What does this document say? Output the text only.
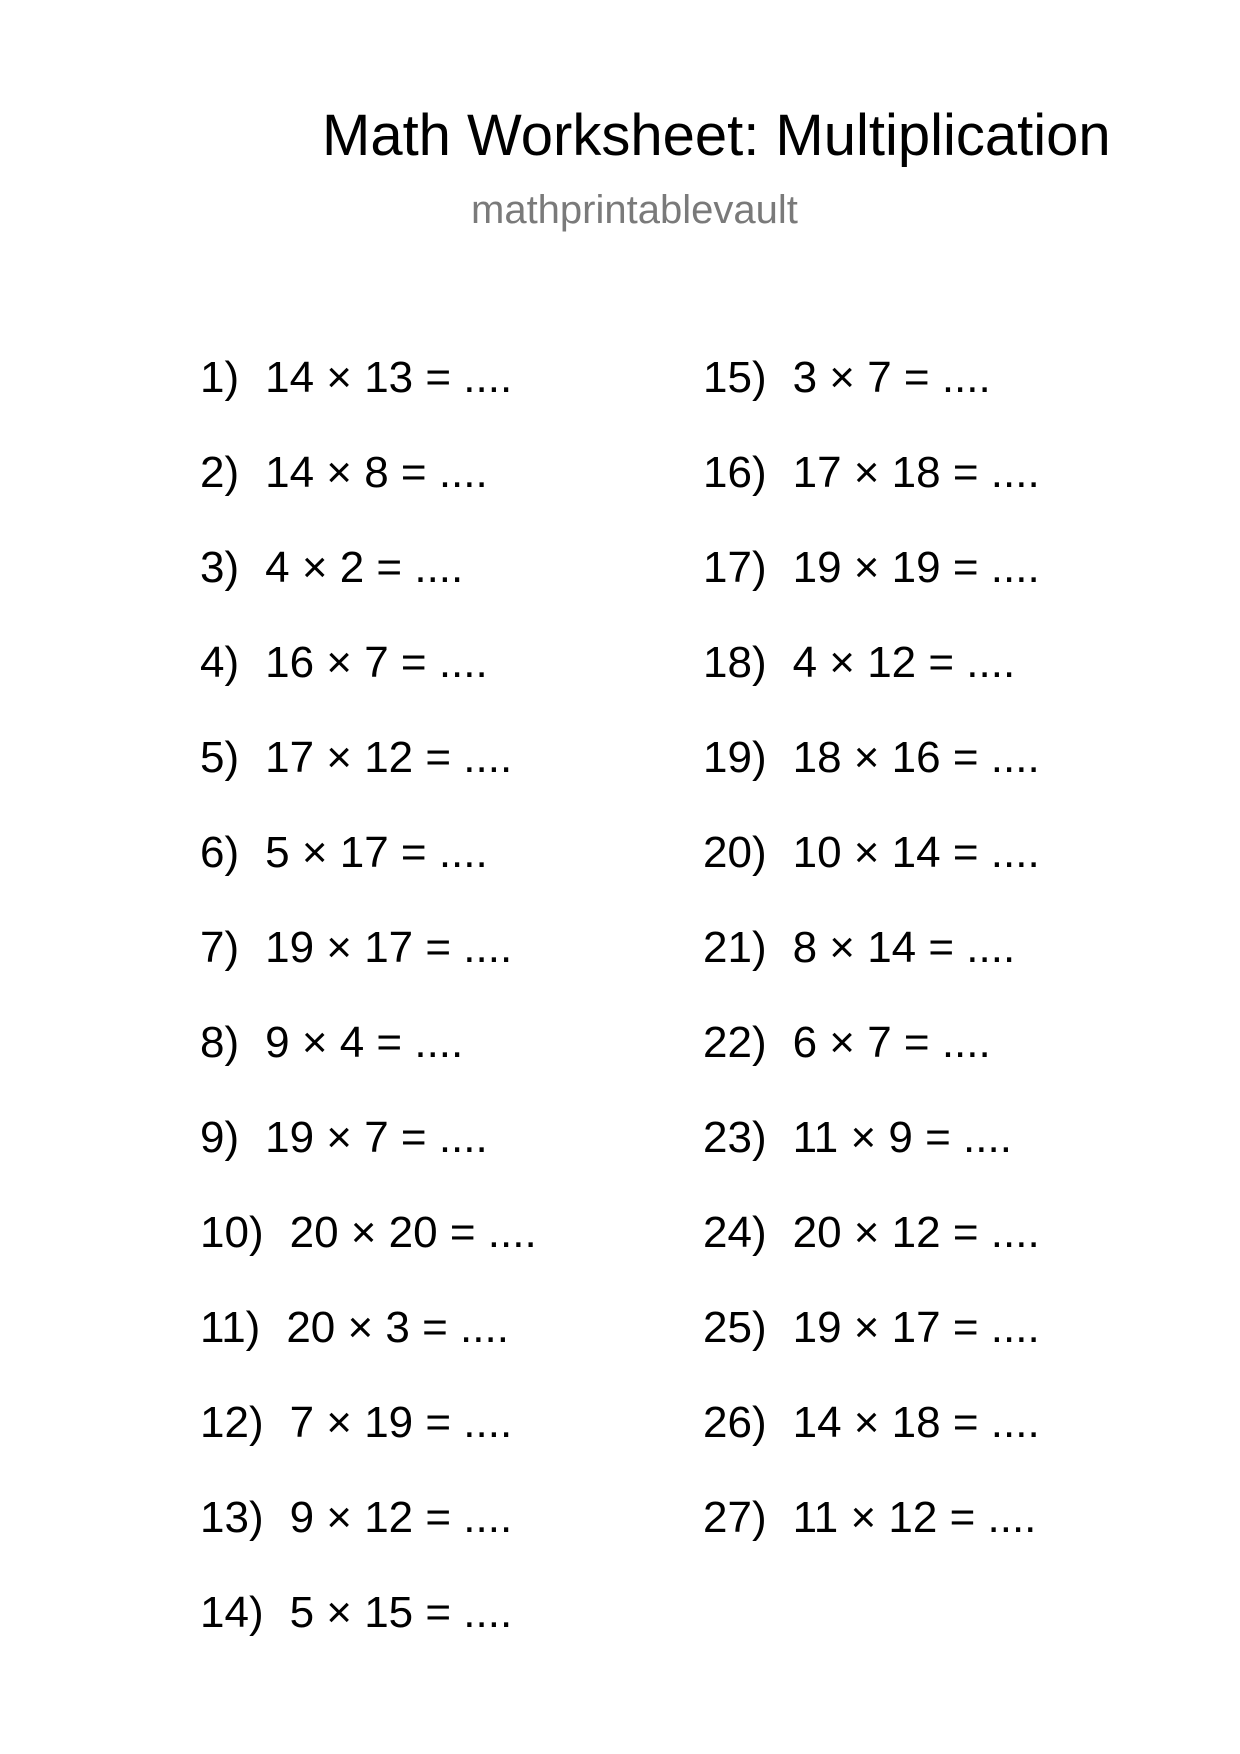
Math Worksheet: Multiplication
mathprintablevault
1) 14 × 13 = ....
2) 14 × 8 = ....
3) 4 × 2 = ....
4) 16 × 7 = ....
5) 17 × 12 = ....
6) 5 × 17 = ....
7) 19 × 17 = ....
8) 9 × 4 = ....
9) 19 × 7 = ....
10) 20 × 20 = ....
11) 20 × 3 = ....
12) 7 × 19 = ....
13) 9 × 12 = ....
14) 5 × 15 = ....
15) 3 × 7 = ....
16) 17 × 18 = ....
17) 19 × 19 = ....
18) 4 × 12 = ....
19) 18 × 16 = ....
20) 10 × 14 = ....
21) 8 × 14 = ....
22) 6 × 7 = ....
23) 11 × 9 = ....
24) 20 × 12 = ....
25) 19 × 17 = ....
26) 14 × 18 = ....
27) 11 × 12 = ....
